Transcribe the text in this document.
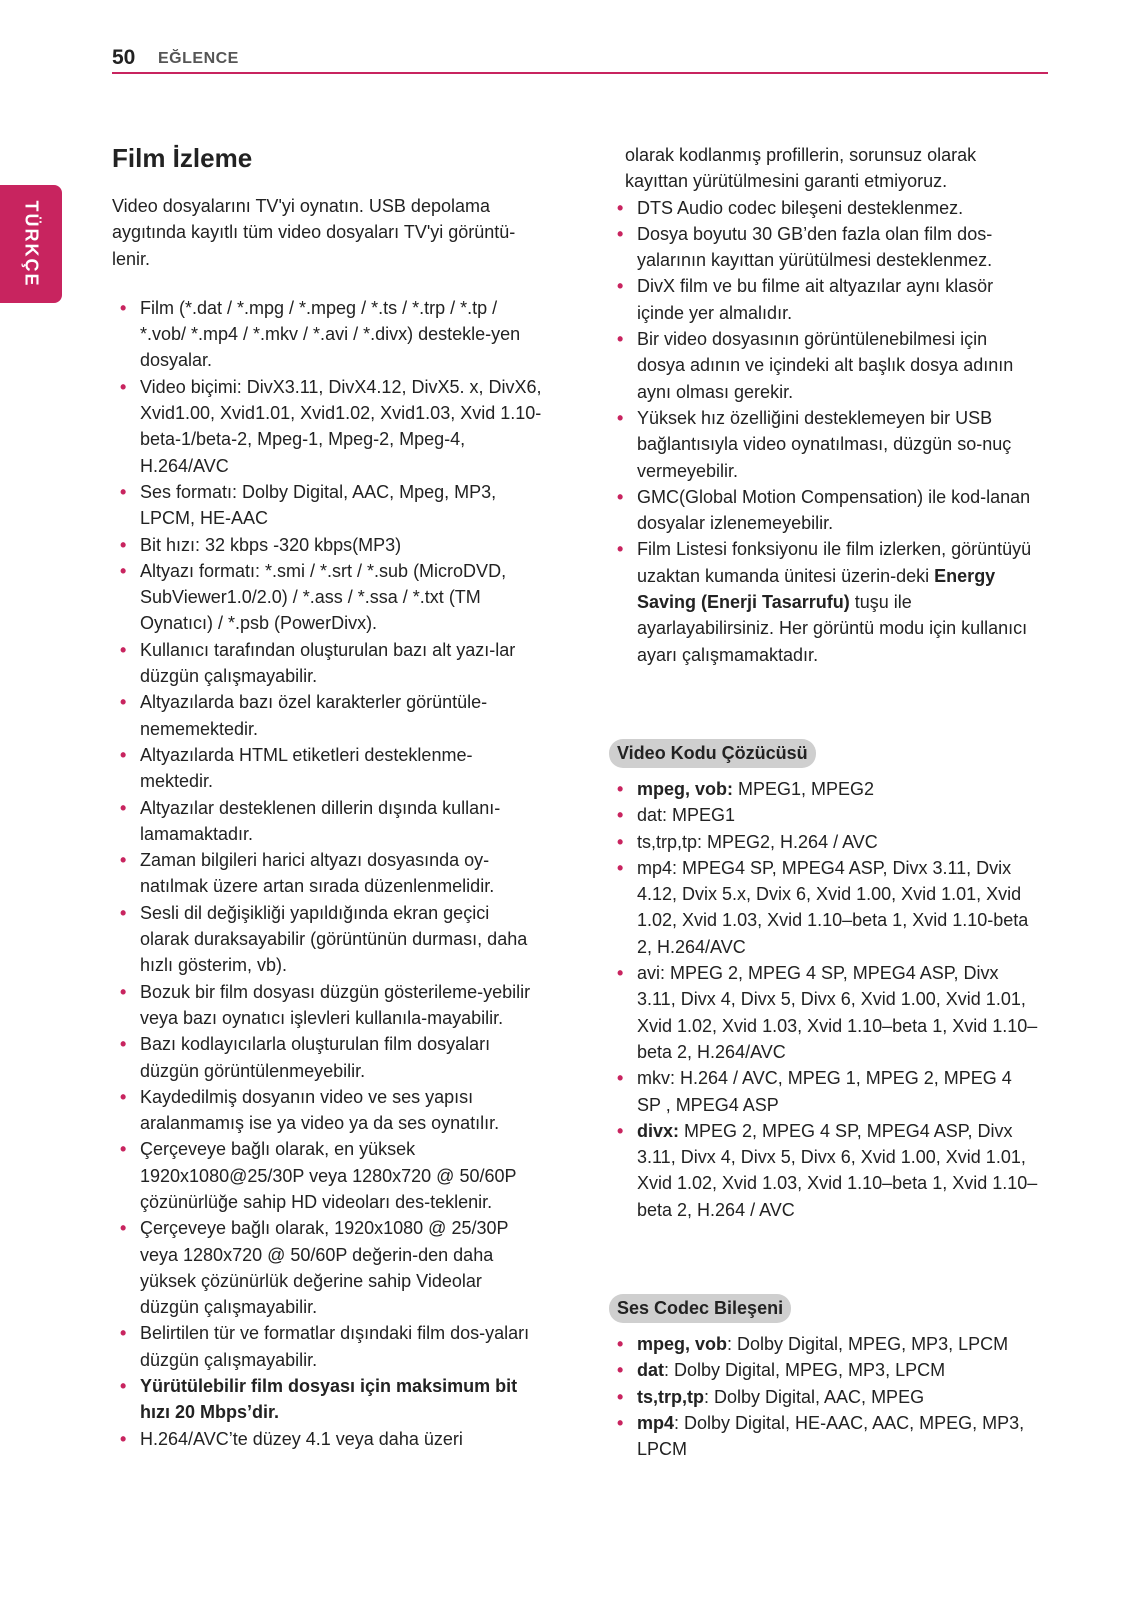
50 EĞLENCE
TÜRKÇE
Film İzleme

Video dosyalarını TV'yi oynatın. USB depolama aygıtında kayıtlı tüm video dosyaları TV'yi görüntü-lenir.

• Film (*.dat / *.mpg / *.mpeg / *.ts / *.trp / *.tp / *.vob/ *.mp4 / *.mkv / *.avi / *.divx) destekle-yen dosyalar.
• Video biçimi: DivX3.11, DivX4.12, DivX5. x, DivX6, Xvid1.00, Xvid1.01, Xvid1.02, Xvid1.03, Xvid 1.10- beta-1/beta-2, Mpeg-1, Mpeg-2, Mpeg-4, H.264/AVC
• Ses formatı: Dolby Digital, AAC, Mpeg, MP3, LPCM, HE-AAC
• Bit hızı: 32 kbps -320 kbps(MP3)
• Altyazı formatı: *.smi / *.srt / *.sub (MicroDVD, SubViewer1.0/2.0) / *.ass / *.ssa / *.txt (TM Oynatıcı) / *.psb (PowerDivx).
• Kullanıcı tarafından oluşturulan bazı alt yazı-lar düzgün çalışmayabilir.
• Altyazılarda bazı özel karakterler görüntüle-nememektedir.
• Altyazılarda HTML etiketleri desteklenme-mektedir.
• Altyazılar desteklenen dillerin dışında kullanı-lamamaktadır.
• Zaman bilgileri harici altyazı dosyasında oy-natılmak üzere artan sırada düzenlenmelidir.
• Sesli dil değişikliği yapıldığında ekran geçici olarak duraksayabilir (görüntünün durması, daha hızlı gösterim, vb).
• Bozuk bir film dosyası düzgün gösterileme-yebilir veya bazı oynatıcı işlevleri kullanıla-mayabilir.
• Bazı kodlayıcılarla oluşturulan film dosyaları düzgün görüntülenmeyebilir.
• Kaydedilmiş dosyanın video ve ses yapısı aralanmamış ise ya video ya da ses oynatılır.
• Çerçeveye bağlı olarak, en yüksek 1920x1080@25/30P veya 1280x720 @ 50/60P çözünürlüğe sahip HD videoları des-teklenir.
• Çerçeveye bağlı olarak, 1920x1080 @ 25/30P veya 1280x720 @ 50/60P değerin-den daha yüksek çözünürlük değerine sahip Videolar düzgün çalışmayabilir.
• Belirtilen tür ve formatlar dışındaki film dos-yaları düzgün çalışmayabilir.
• Yürütülebilir film dosyası için maksimum bit hızı 20 Mbps’dir.
• H.264/AVC’te düzey 4.1 veya daha üzeri

olarak kodlanmış profillerin, sorunsuz olarak kayıttan yürütülmesini garanti etmiyoruz.

• DTS Audio codec bileşeni desteklenmez.
• Dosya boyutu 30 GB’den fazla olan film dos-yalarının kayıttan yürütülmesi desteklenmez.
• DivX film ve bu filme ait altyazılar aynı klasör içinde yer almalıdır.
• Bir video dosyasının görüntülenebilmesi için dosya adının ve içindeki alt başlık dosya adının aynı olması gerekir.
• Yüksek hız özelliğini desteklemeyen bir USB bağlantısıyla video oynatılması, düzgün so-nuç vermeyebilir.
• GMC(Global Motion Compensation) ile kod-lanan dosyalar izlenemeyebilir.
• Film Listesi fonksiyonu ile film izlerken, görüntüyü uzaktan kumanda ünitesi üzerin-deki Energy Saving (Enerji Tasarrufu) tuşu ile ayarlayabilirsiniz. Her görüntü modu için kullanıcı ayarı çalışmamaktadır.
Video Kodu Çözücüsü
• mpeg, vob: MPEG1, MPEG2
• dat: MPEG1
• ts,trp,tp: MPEG2, H.264 / AVC
• mp4: MPEG4 SP, MPEG4 ASP, Divx 3.11, Dvix 4.12, Dvix 5.x, Dvix 6, Xvid 1.00, Xvid 1.01, Xvid 1.02, Xvid 1.03, Xvid 1.10–beta 1, Xvid 1.10-beta 2, H.264/AVC
• avi: MPEG 2, MPEG 4 SP, MPEG4 ASP, Divx 3.11, Divx 4, Divx 5, Divx 6, Xvid 1.00, Xvid 1.01, Xvid 1.02, Xvid 1.03, Xvid 1.10–beta 1, Xvid 1.10–beta 2, H.264/AVC
• mkv: H.264 / AVC, MPEG 1, MPEG 2, MPEG 4 SP , MPEG4 ASP
• divx: MPEG 2, MPEG 4 SP, MPEG4 ASP, Divx 3.11, Divx 4, Divx 5, Divx 6, Xvid 1.00, Xvid 1.01, Xvid 1.02, Xvid 1.03, Xvid 1.10–beta 1, Xvid 1.10–beta 2, H.264 / AVC
Ses Codec Bileşeni
• mpeg, vob: Dolby Digital, MPEG, MP3, LPCM
• dat: Dolby Digital, MPEG, MP3, LPCM
• ts,trp,tp: Dolby Digital, AAC, MPEG
• mp4: Dolby Digital, HE-AAC, AAC, MPEG, MP3, LPCM
